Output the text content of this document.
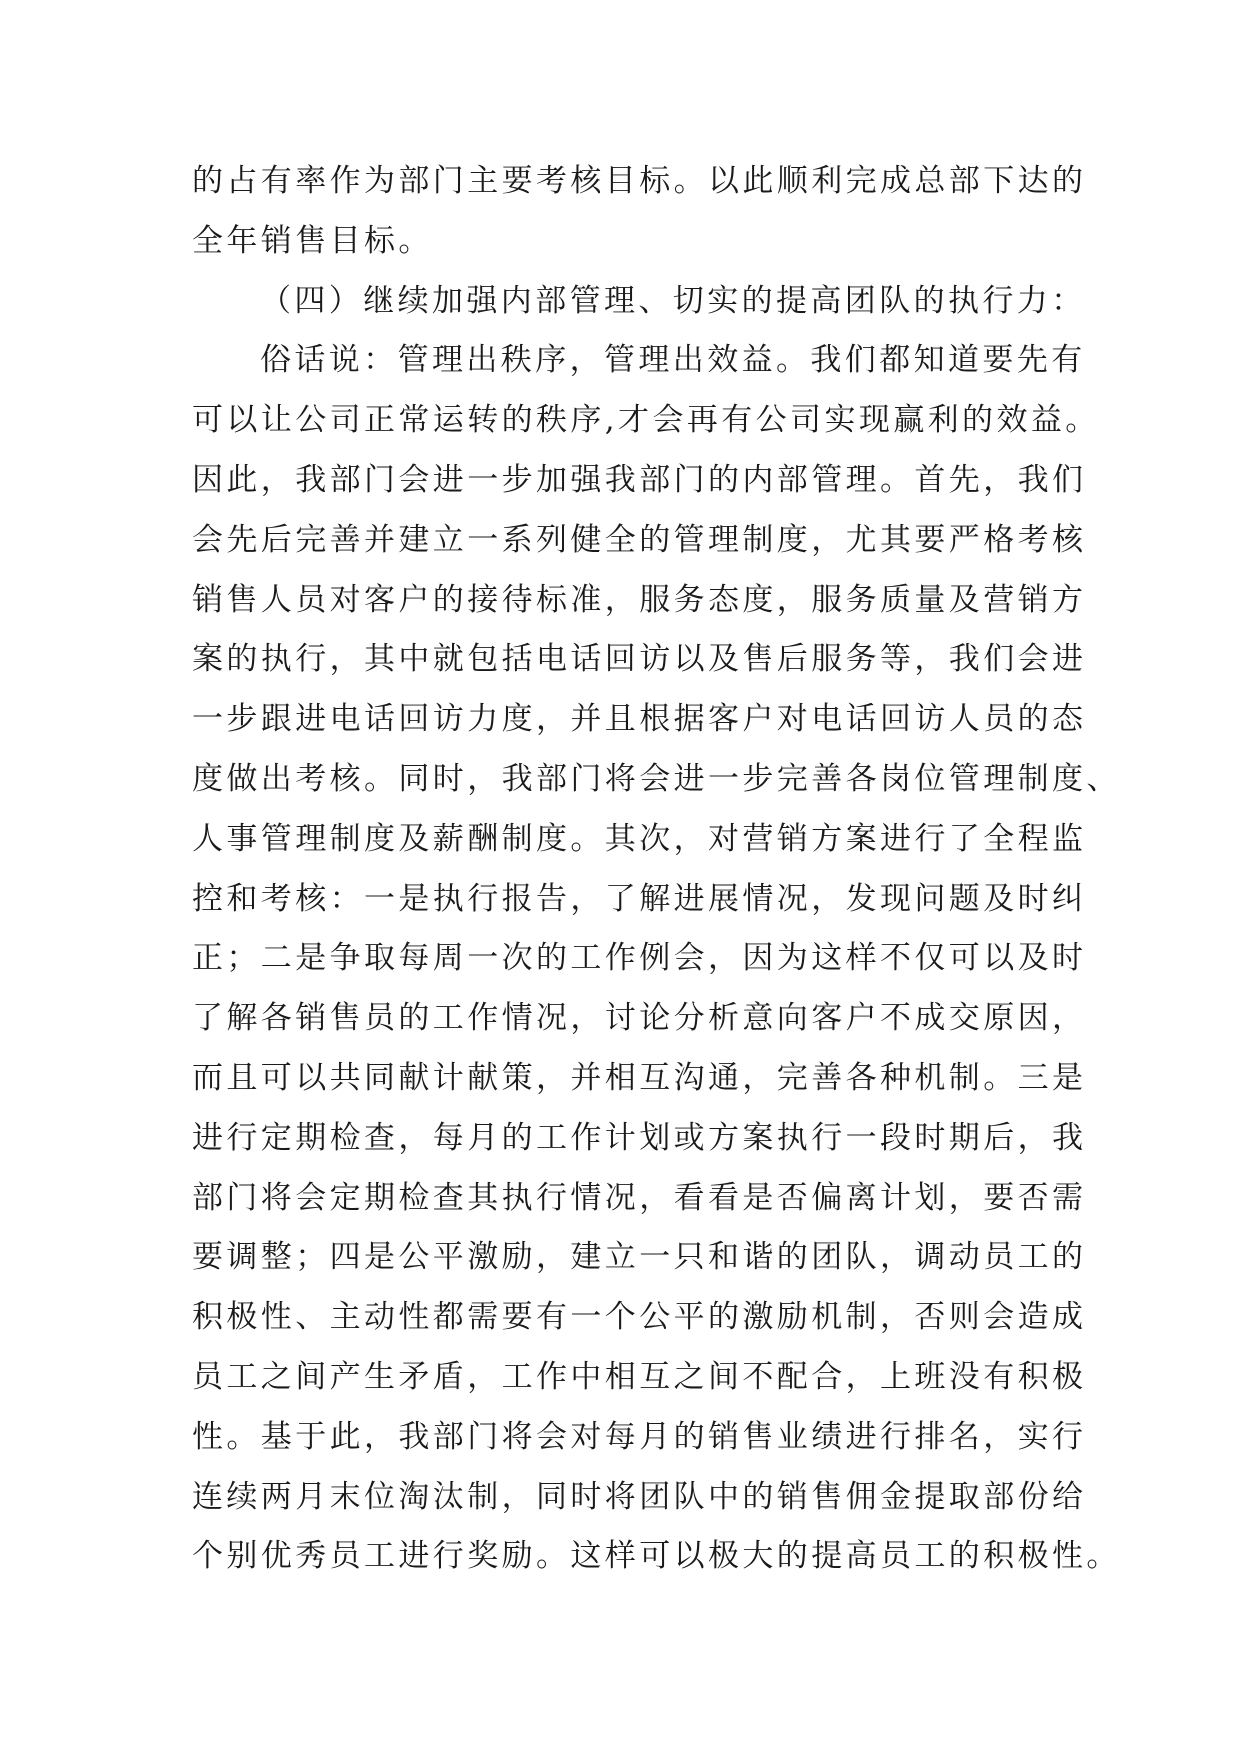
的占有率作为部门主要考核目标。以此顺利完成总部下达的
全年销售目标。
（四）继续加强内部管理、切实的提高团队的执行力：
俗话说：管理出秩序，管理出效益。我们都知道要先有
可以让公司正常运转的秩序,才会再有公司实现赢利的效益。
因此，我部门会进一步加强我部门的内部管理。首先，我们
会先后完善并建立一系列健全的管理制度，尤其要严格考核
销售人员对客户的接待标准，服务态度，服务质量及营销方
案的执行，其中就包括电话回访以及售后服务等，我们会进
一步跟进电话回访力度，并且根据客户对电话回访人员的态
度做出考核。同时，我部门将会进一步完善各岗位管理制度、
人事管理制度及薪酬制度。其次，对营销方案进行了全程监
控和考核：一是执行报告，了解进展情况，发现问题及时纠
正；二是争取每周一次的工作例会，因为这样不仅可以及时
了解各销售员的工作情况，讨论分析意向客户不成交原因，
而且可以共同献计献策，并相互沟通，完善各种机制。三是
进行定期检查，每月的工作计划或方案执行一段时期后，我
部门将会定期检查其执行情况，看看是否偏离计划，要否需
要调整；四是公平激励，建立一只和谐的团队，调动员工的
积极性、主动性都需要有一个公平的激励机制，否则会造成
员工之间产生矛盾，工作中相互之间不配合，上班没有积极
性。基于此，我部门将会对每月的销售业绩进行排名，实行
连续两月末位淘汰制，同时将团队中的销售佣金提取部份给
个别优秀员工进行奖励。这样可以极大的提高员工的积极性。
